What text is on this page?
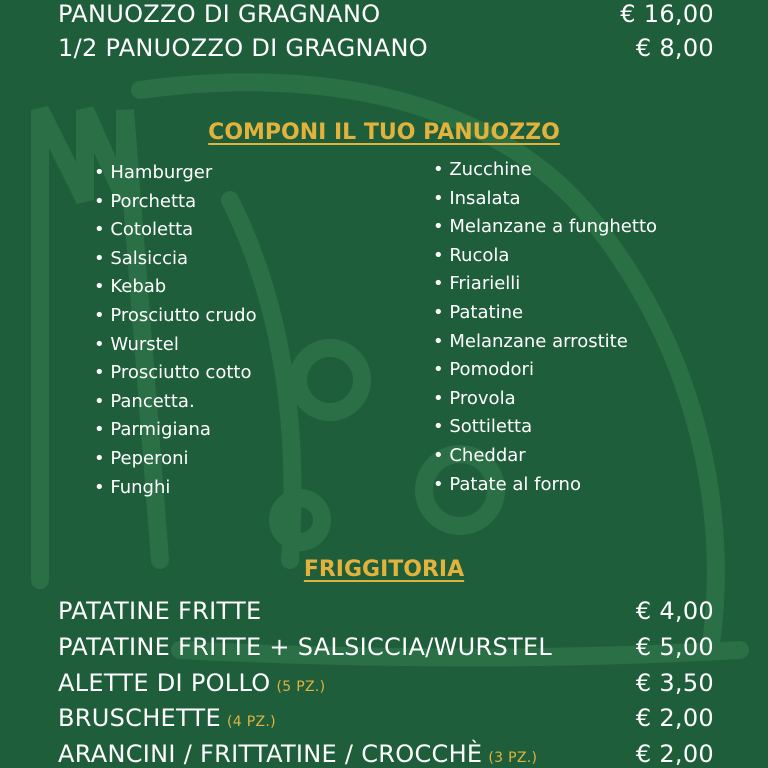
PANUOZZO DI GRAGNANO	€ 16,00
1/2 PANUOZZO DI GRAGNANO	€ 8,00
COMPONI IL TUO PANUOZZO
• Hamburger
• Porchetta
• Cotoletta
• Salsiccia
• Kebab
• Prosciutto crudo
• Wurstel
• Prosciutto cotto
• Pancetta.
• Parmigiana
• Peperoni
• Funghi
• Zucchine
• Insalata
• Melanzane a funghetto
• Rucola
• Friarielli
• Patatine
• Melanzane arrostite
• Pomodori
• Provola
• Sottiletta
• Cheddar
• Patate al forno
FRIGGITORIA
PATATINE FRITTE	€ 4,00
PATATINE FRITTE + SALSICCIA/WURSTEL	€ 5,00
ALETTE DI POLLO (5 PZ.)	€ 3,50
BRUSCHETTE (4 PZ.)	€ 2,00
ARANCINI / FRITTATINE / CROCCHÈ (3 PZ.)	€ 2,00
